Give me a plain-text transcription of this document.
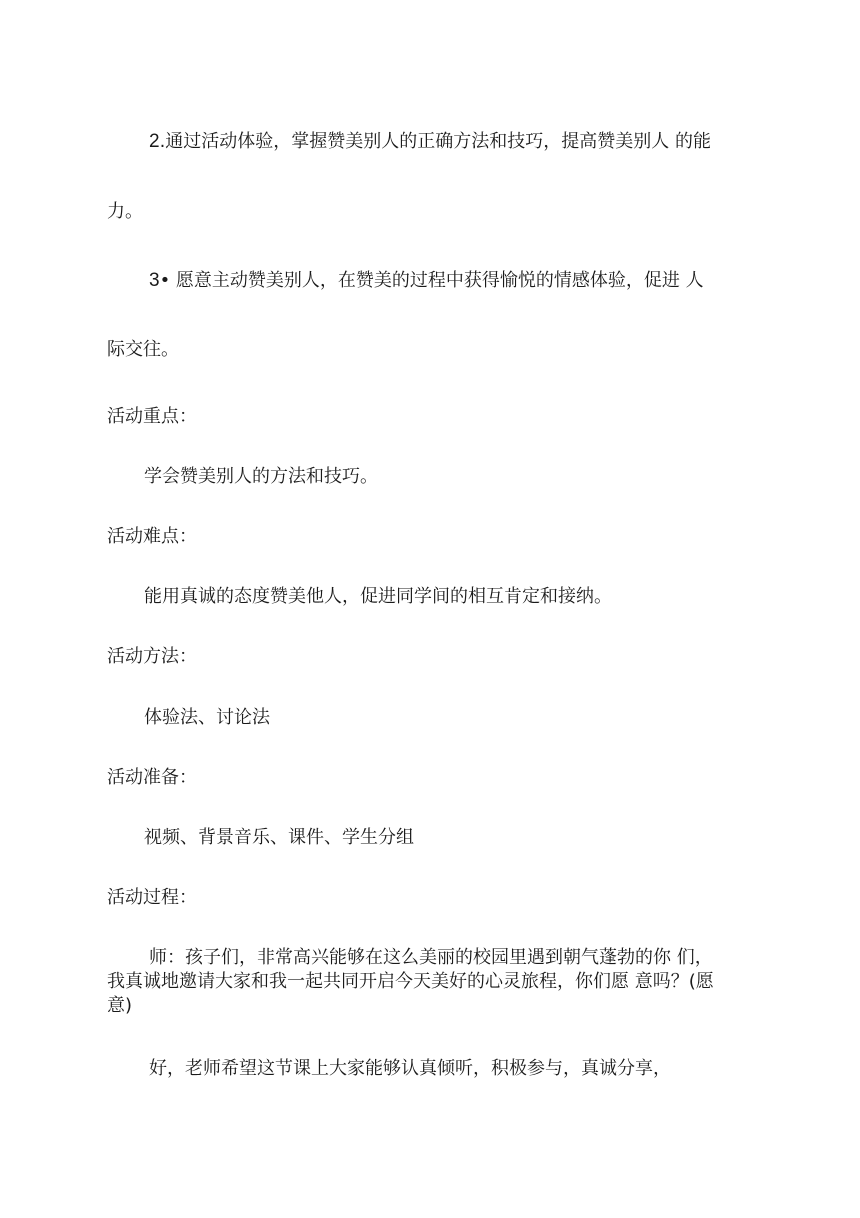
2.通过活动体验，掌握赞美别人的正确方法和技巧，提高赞美别人 的能
力。
3• 愿意主动赞美别人，在赞美的过程中获得愉悦的情感体验，促进 人
际交往。
活动重点：
学会赞美别人的方法和技巧。
活动难点：
能用真诚的态度赞美他人，促进同学间的相互肯定和接纳。
活动方法：
体验法、讨论法
活动准备：
视频、背景音乐、课件、学生分组
活动过程：
师：孩子们，非常高兴能够在这么美丽的校园里遇到朝气蓬勃的你 们，
我真诚地邀请大家和我一起共同开启今天美好的心灵旅程，你们愿 意吗？(愿
意)
好，老师希望这节课上大家能够认真倾听，积极参与，真诚分享，
